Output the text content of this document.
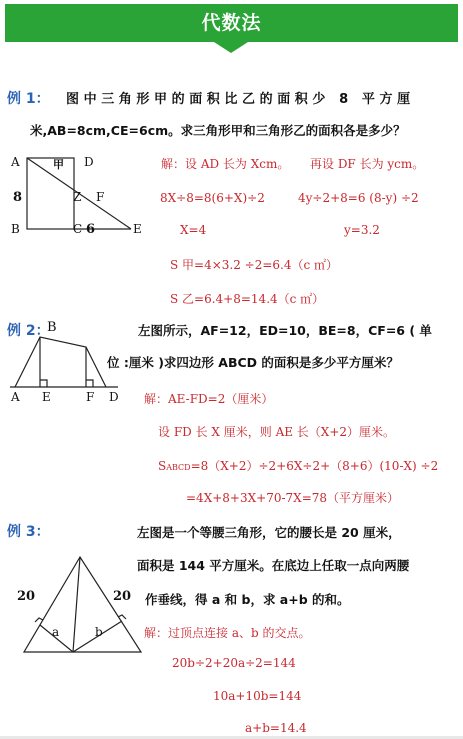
代数法
例 1： 图中三角形甲的面积比乙的面积少 8 平方厘
米,AB=8cm,CE=6cm。求三角形甲和三角形乙的面积各是多少？
A	D
甲
8	Z F
B	C 6	E
解：设 AD 长为 Xcm。 再设 DF 长为 ycm。
8X÷8=8(6+X)÷2	4y÷2+8=6 (8-y) ÷2
X=4	y=3.2
S 甲=4×3.2 ÷2=6.4（c ㎡）
S 乙=6.4+8=14.4（c ㎡）
例 2：
B	左图所示，AF=12，ED=10，BE=8，CF=6 ( 单
位 :厘米 )求四边形 ABCD 的面积是多少平方厘米？
A E	F D 解：AE-FD=2（厘米）
设 FD 长 X 厘米，则 AE 长（X+2）厘米。
SABCD=8（X+2）÷2+6X÷2+（8+6）(10-X) ÷2
=4X+8+3X+70-7X=78（平方厘米）
例 3：	左图是一个等腰三角形，它的腰长是 20 厘米，
面积是 144 平方厘米。在底边上任取一点向两腰
作垂线，得 a 和 b，求 a+b 的和。
20	20
a	b	解：过顶点连接 a、b 的交点。
20b÷2+20a÷2=144
10a+10b=144
a+b=14.4
